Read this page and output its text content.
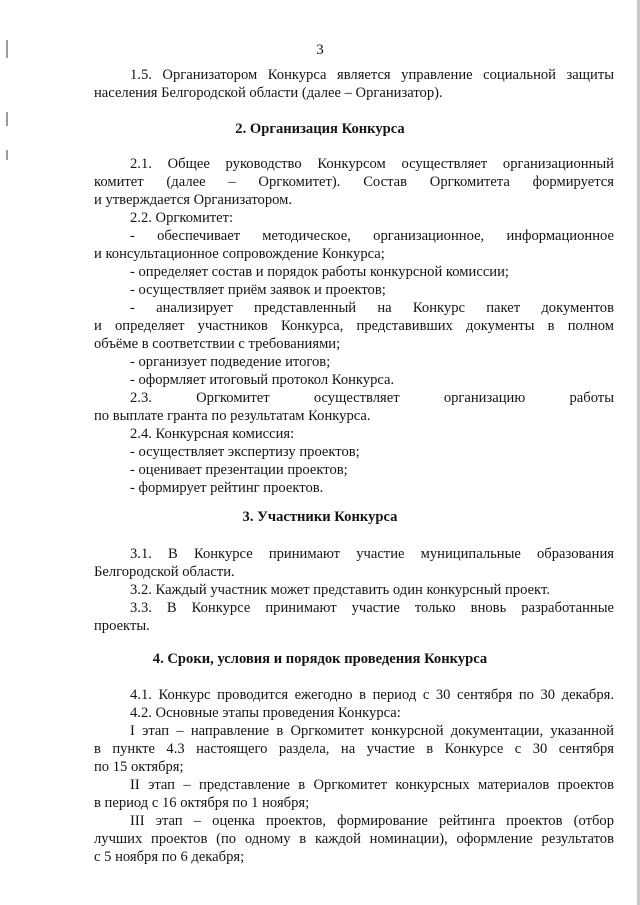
3
1.5. Организатором Конкурса является управление социальной защиты
населения Белгородской области (далее – Организатор).
2. Организация Конкурса
2.1. Общее руководство Конкурсом осуществляет организационный
комитет (далее – Оргкомитет). Состав Оргкомитета формируется
и утверждается Организатором.
2.2. Оргкомитет:
- обеспечивает методическое, организационное, информационное
и консультационное сопровождение Конкурса;
- определяет состав и порядок работы конкурсной комиссии;
- осуществляет приём заявок и проектов;
- анализирует представленный на Конкурс пакет документов
и определяет участников Конкурса, представивших документы в полном
объёме в соответствии с требованиями;
- организует подведение итогов;
- оформляет итоговый протокол Конкурса.
2.3. Оргкомитет осуществляет организацию работы
по выплате гранта по результатам Конкурса.
2.4. Конкурсная комиссия:
- осуществляет экспертизу проектов;
- оценивает презентации проектов;
- формирует рейтинг проектов.
3. Участники Конкурса
3.1. В Конкурсе принимают участие муниципальные образования
Белгородской области.
3.2. Каждый участник может представить один конкурсный проект.
3.3. В Конкурсе принимают участие только вновь разработанные
проекты.
4. Сроки, условия и порядок проведения Конкурса
4.1. Конкурс проводится ежегодно в период с 30 сентября по 30 декабря.
4.2. Основные этапы проведения Конкурса:
I этап – направление в Оргкомитет конкурсной документации, указанной
в пункте 4.3 настоящего раздела, на участие в Конкурсе с 30 сентября
по 15 октября;
II этап – представление в Оргкомитет конкурсных материалов проектов
в период с 16 октября по 1 ноября;
III этап – оценка проектов, формирование рейтинга проектов (отбор
лучших проектов (по одному в каждой номинации), оформление результатов
с 5 ноября по 6 декабря;
